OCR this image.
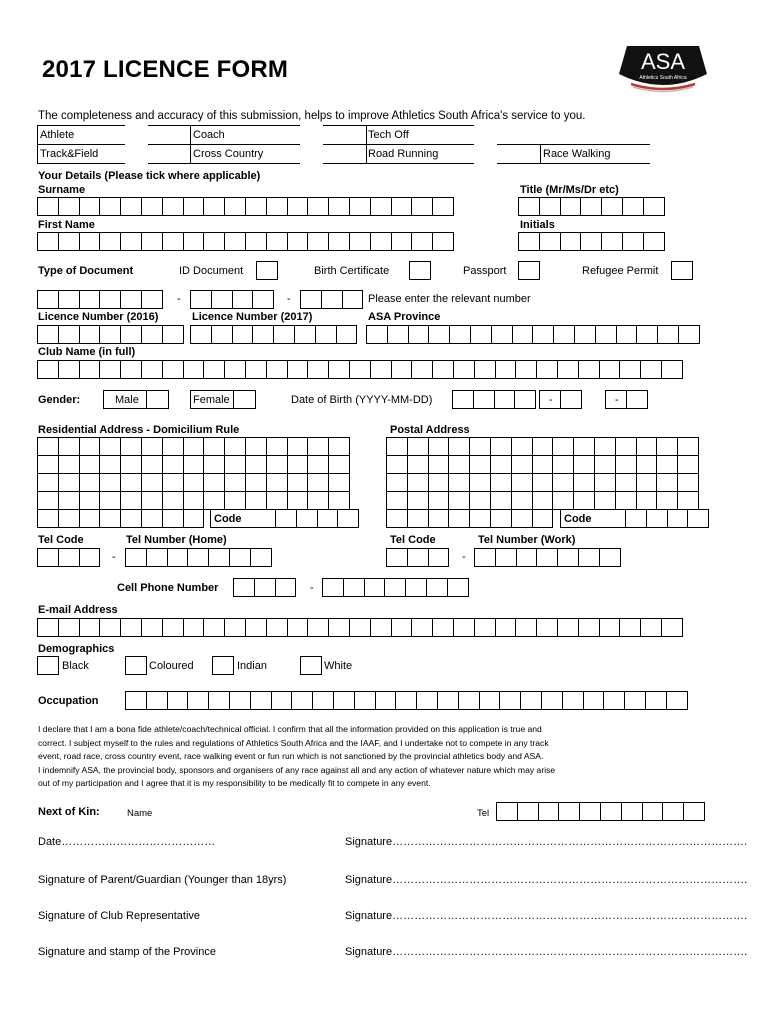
2017 LICENCE FORM	ASA
Athletics South Africa
The completeness and accuracy of this submission, helps to improve Athletics South Africa's service to you.
Athlete	Coach	Tech Off
Track&Field	Cross Country	Road Running	Race Walking
Your Details (Please tick where applicable)
Surname	Title (Mr/Ms/Dr etc)
First Name	Initials
Type of Document	ID Document	Birth Certificate	Passport	Refugee Permit
-	-	Please enter the relevant number
Licence Number (2016)	Licence Number (2017)	ASA Province
Club Name (in full)
Gender:	Male	Female	Date of Birth (YYYY-MM-DD)	-	-
Residential Address - Domicilium Rule	Postal Address
Code	Code
Tel Code	Tel Number (Home)	Tel Code	Tel Number (Work)
-	-
Cell Phone Number	-
E-mail Address
Demographics
Black	Coloured	Indian	White
Occupation
I declare that I am a bona fide athlete/coach/technical official. I confirm that all the information provided on this application is true and
correct. I subject myself to the rules and regulations of Athletics South Africa and the IAAF, and I undertake not to compete in any track
event, road race, cross country event, race walking event or fun run which is not sanctioned by the provincial athletics body and ASA.
I indemnify ASA, the provincial body, sponsors and organisers of any race against all and any action of whatever nature which may arise
out of my participation and I agree that it is my responsibility to be medically fit to compete in any event.
Next of Kin:	Name	Tel
Date……………………………………	Signature…………………………………………………………………………………….
Signature of Parent/Guardian (Younger than 18yrs)	Signature…………………………………………………………………………………….
Signature of Club Representative	Signature…………………………………………………………………………………….
Signature and stamp of the Province	Signature…………………………………………………………………………………….
